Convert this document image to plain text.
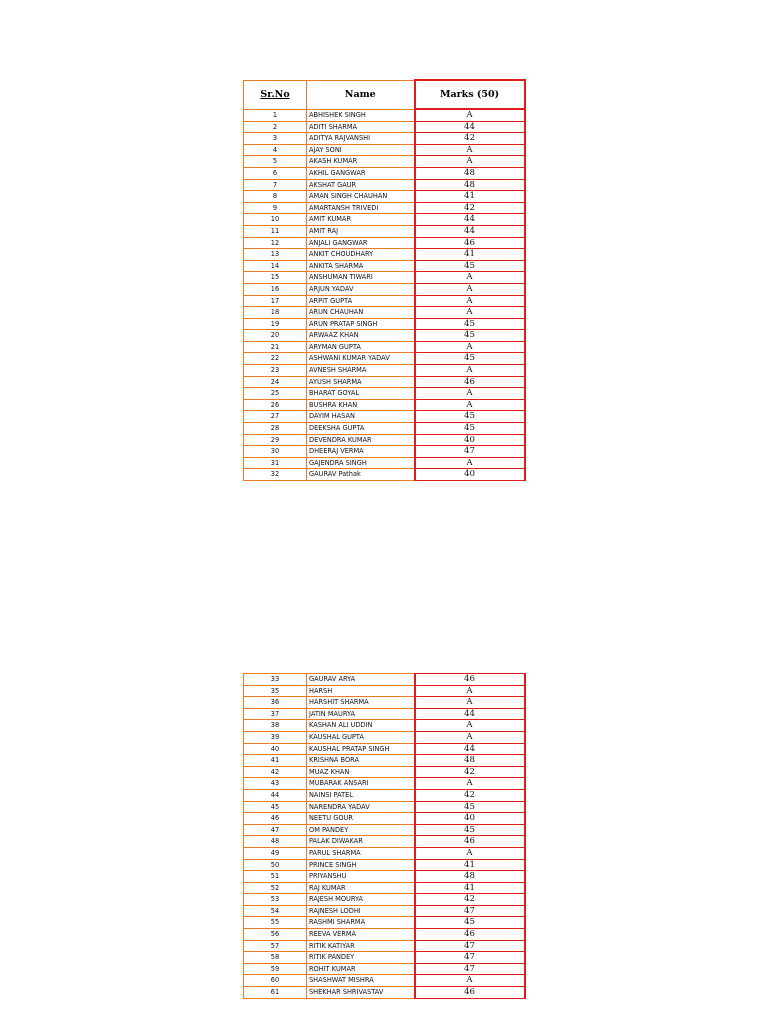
Sr.No	Name	Marks (50)
1	ABHISHEK SINGH	A
2	ADITI SHARMA	44
3	ADITYA RAJVANSHI	42
4	AJAY SONI	A
5	AKASH KUMAR	A
6	AKHIL GANGWAR	48
7	AKSHAT GAUR	48
8	AMAN SINGH CHAUHAN	41
9	AMARTANSH TRIVEDI	42
10	AMIT KUMAR	44
11	AMIT RAJ	44
12	ANJALI GANGWAR	46
13	ANKIT CHOUDHARY	41
14	ANKITA SHARMA	45
15	ANSHUMAN TIWARI	A
16	ARJUN YADAV	A
17	ARPIT GUPTA	A
18	ARUN CHAUHAN	A
19	ARUN PRATAP SINGH	45
20	ARWAAZ KHAN	45
21	ARYMAN GUPTA	A
22	ASHWANI KUMAR YADAV	45
23	AVNESH SHARMA	A
24	AYUSH SHARMA	46
25	BHARAT GOYAL	A
26	BUSHRA KHAN	A
27	DAYIM HASAN	45
28	DEEKSHA GUPTA	45
29	DEVENDRA KUMAR	40
30	DHEERAJ VERMA	47
31	GAJENDRA SINGH	A
32	GAURAV Pathak	40
33	GAURAV ARYA	46
35	HARSH	A
36	HARSHIT SHARMA	A
37	JATIN MAURYA	44
38	KASHAN ALI UDDIN	A
39	KAUSHAL GUPTA	A
40	KAUSHAL PRATAP SINGH	44
41	KRISHNA BORA	48
42	MUAZ KHAN	42
43	MUBARAK ANSARI	A
44	NAINSI PATEL	42
45	NARENDRA YADAV	45
46	NEETU GOUR	40
47	OM PANDEY	45
48	PALAK DIWAKAR	46
49	PARUL SHARMA	A
50	PRINCE SINGH	41
51	PRIYANSHU	48
52	RAJ KUMAR	41
53	RAJESH MOURYA	42
54	RAJNESH LODHI	47
55	RASHMI SHARMA	45
56	REEVA VERMA	46
57	RITIK KATIYAR	47
58	RITIK PANDEY	47
59	ROHIT KUMAR	47
60	SHASHWAT MISHRA	A
61	SHEKHAR SHRIVASTAV	46
